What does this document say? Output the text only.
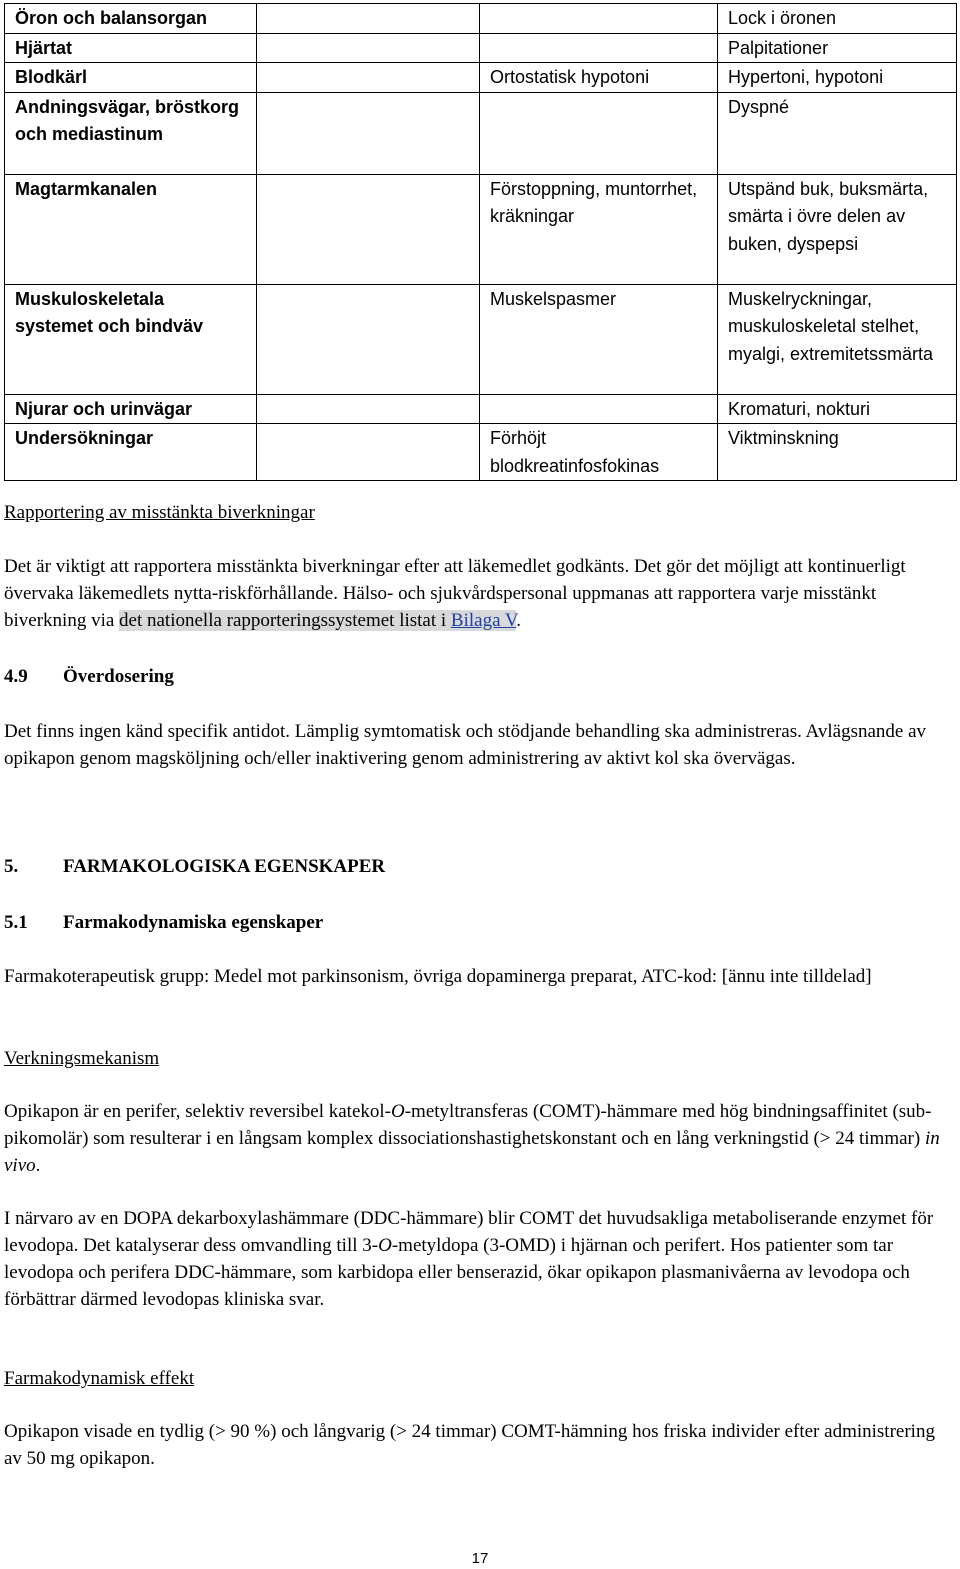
Öron och balansorgan			Lock i öronen
Hjärtat			Palpitationer
Blodkärl		Ortostatisk hypotoni	Hypertoni, hypotoni
Andningsvägar, bröstkorg och mediastinum			Dyspné
Magtarmkanalen		Förstoppning, muntorrhet, kräkningar	Utspänd buk, buksmärta, smärta i övre delen av buken, dyspepsi
Muskuloskeletala systemet och bindväv		Muskelspasmer	Muskelryckningar, muskuloskeletal stelhet, myalgi, extremitetssmärta
Njurar och urinvägar			Kromaturi, nokturi
Undersökningar		Förhöjt blodkreatinfosfokinas	Viktminskning

Rapportering av misstänkta biverkningar

Det är viktigt att rapportera misstänkta biverkningar efter att läkemedlet godkänts. Det gör det möjligt att kontinuerligt övervaka läkemedlets nytta-riskförhållande. Hälso- och sjukvårdspersonal uppmanas att rapportera varje misstänkt biverkning via det nationella rapporteringssystemet listat i Bilaga V.

4.9 Överdosering

Det finns ingen känd specifik antidot. Lämplig symtomatisk och stödjande behandling ska administreras. Avlägsnande av opikapon genom magsköljning och/eller inaktivering genom administrering av aktivt kol ska övervägas.

5. FARMAKOLOGISKA EGENSKAPER

5.1 Farmakodynamiska egenskaper

Farmakoterapeutisk grupp: Medel mot parkinsonism, övriga dopaminerga preparat, ATC-kod: [ännu inte tilldelad]

Verkningsmekanism

Opikapon är en perifer, selektiv reversibel katekol-O-metyltransferas (COMT)-hämmare med hög bindningsaffinitet (sub-pikomolär) som resulterar i en långsam komplex dissociationshastighetskonstant och en lång verkningstid (> 24 timmar) in vivo.

I närvaro av en DOPA dekarboxylashämmare (DDC-hämmare) blir COMT det huvudsakliga metaboliserande enzymet för levodopa. Det katalyserar dess omvandling till 3-O-metyldopa (3-OMD) i hjärnan och perifert. Hos patienter som tar levodopa och perifera DDC-hämmare, som karbidopa eller benserazid, ökar opikapon plasmanivåerna av levodopa och förbättrar därmed levodopas kliniska svar.

Farmakodynamisk effekt

Opikapon visade en tydlig (> 90 %) och långvarig (> 24 timmar) COMT-hämning hos friska individer efter administrering av 50 mg opikapon.

17
